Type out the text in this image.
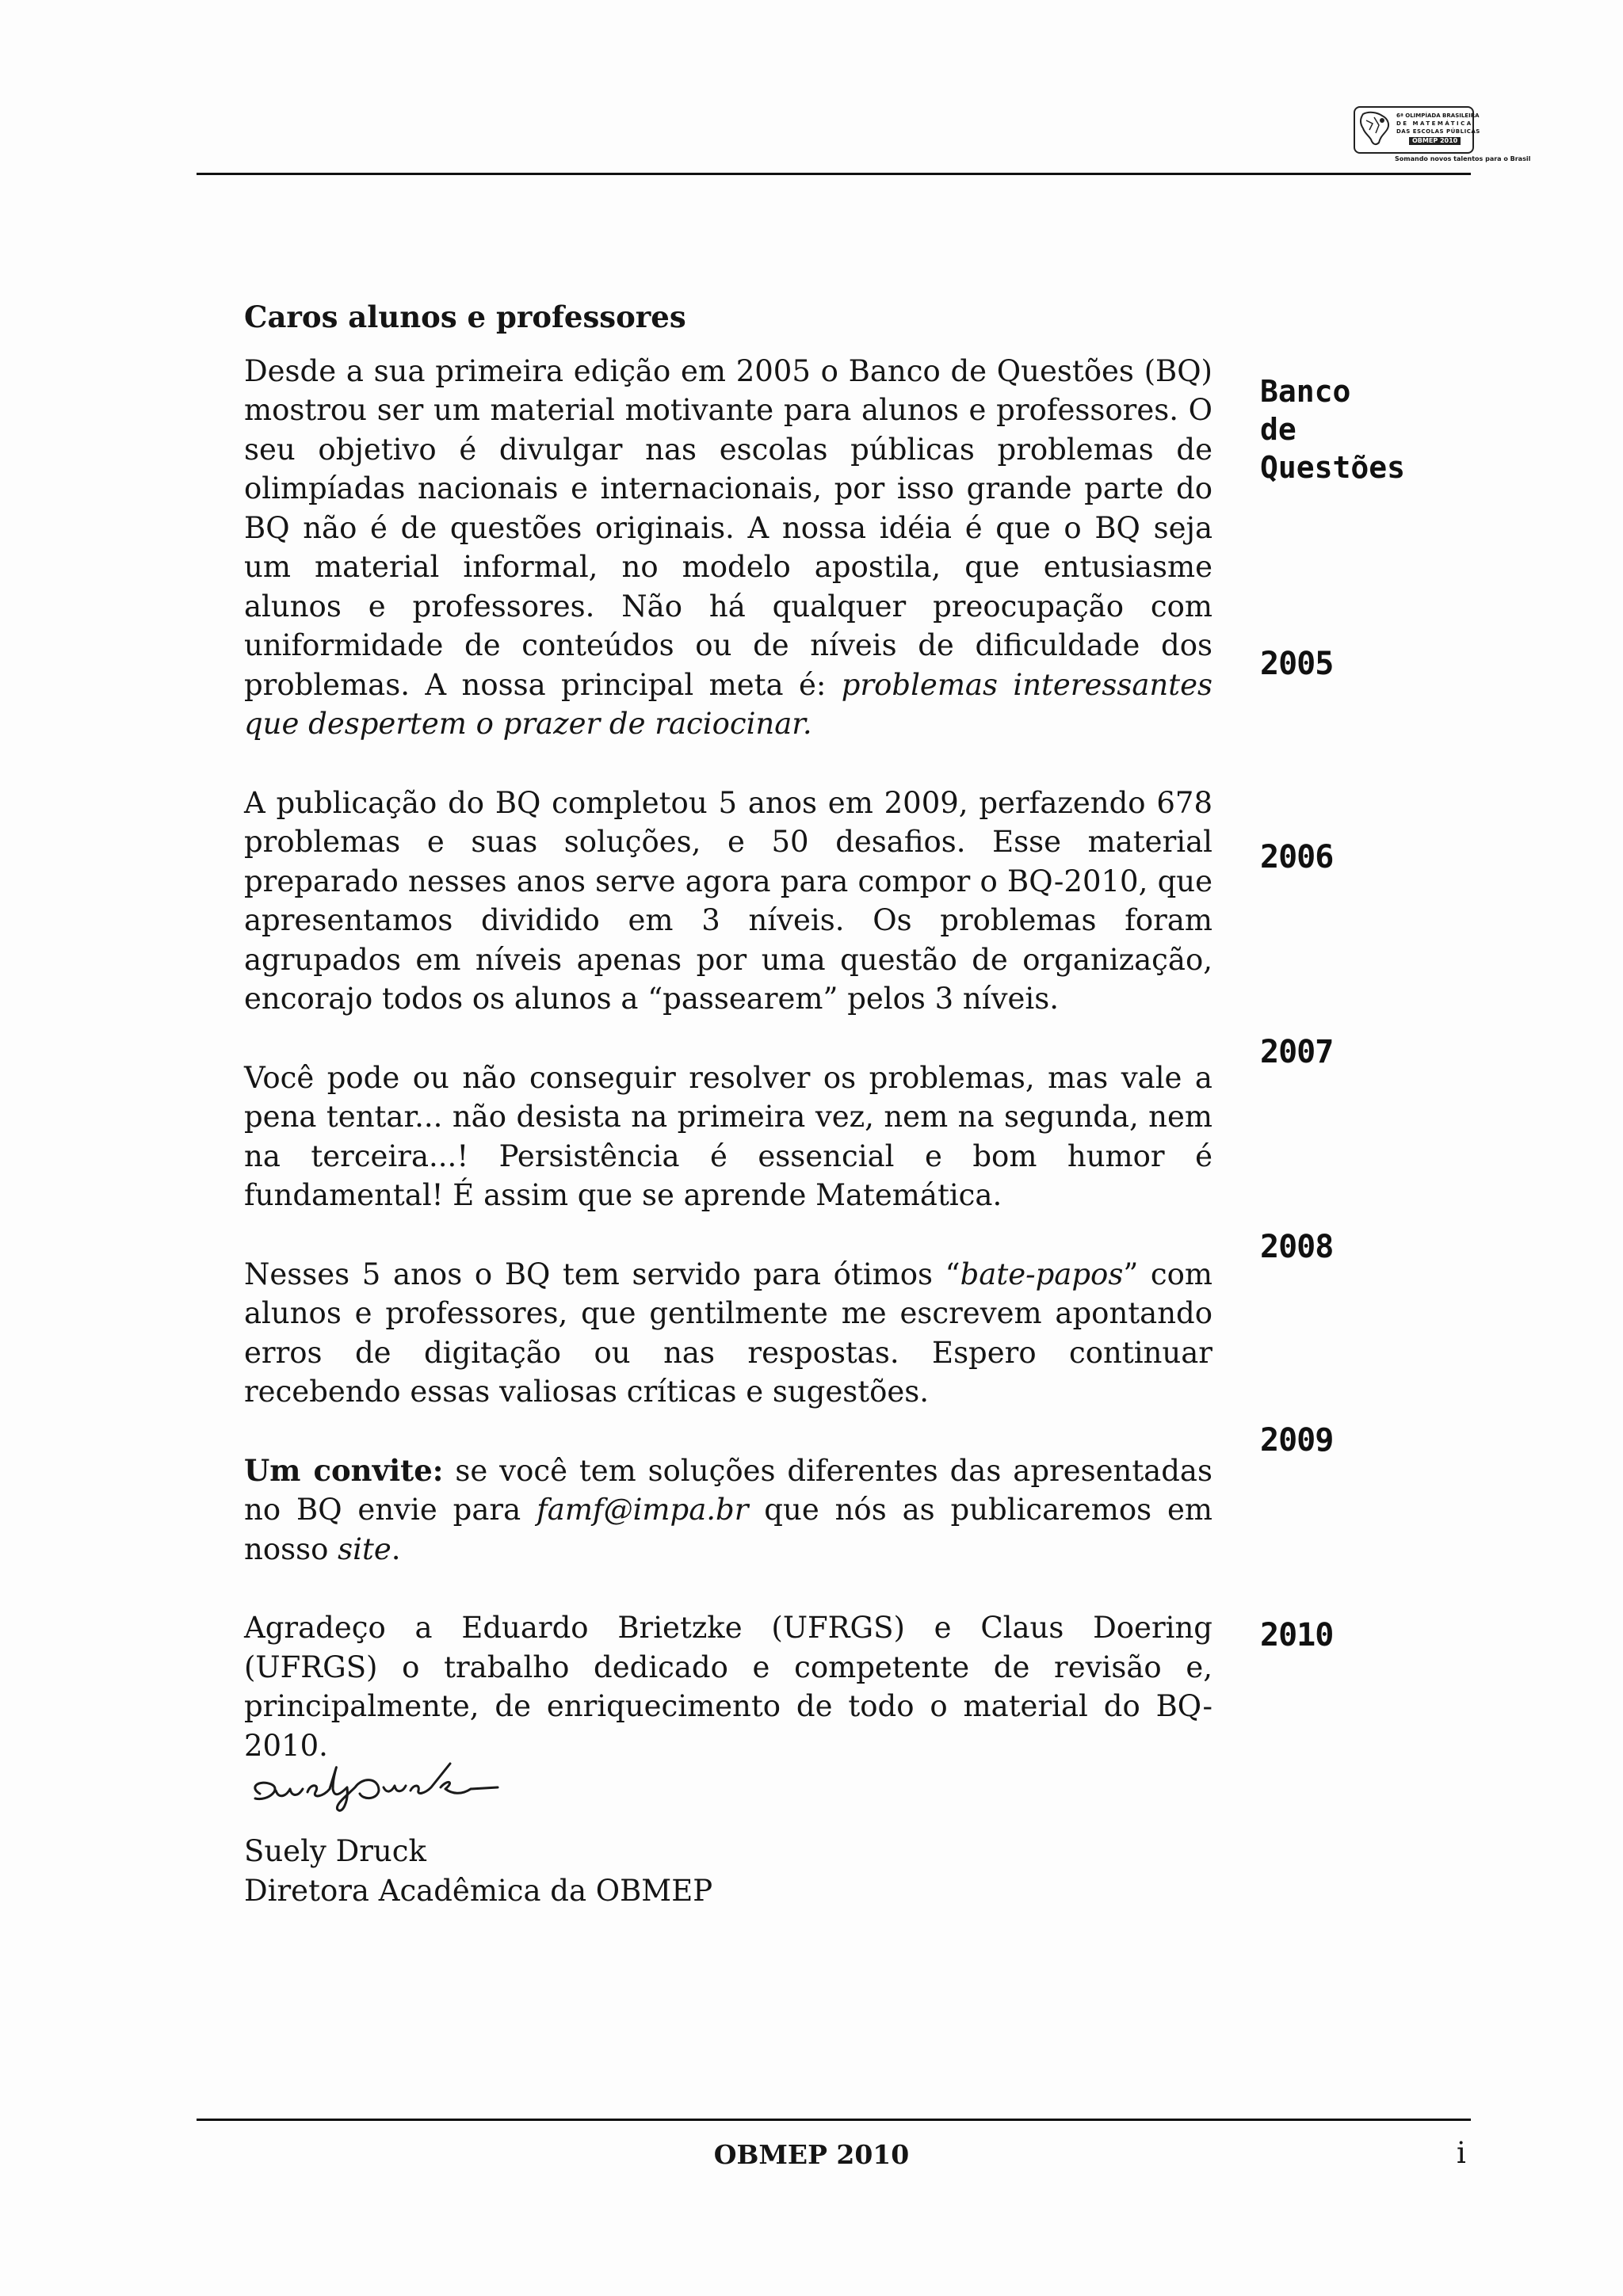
6ª OLIMPÍADA BRASILEIRA
DE MATEMÁTICA
DAS ESCOLAS PÚBLICAS
OBMEP 2010
Somando novos talentos para o Brasil

Caros alunos e professores

Desde a sua primeira edição em 2005 o Banco de Questões (BQ) mostrou ser um material motivante para alunos e professores. O seu objetivo é divulgar nas escolas públicas problemas de olimpíadas nacionais e internacionais, por isso grande parte do BQ não é de questões originais. A nossa idéia é que o BQ seja um material informal, no modelo apostila, que entusiasme alunos e professores. Não há qualquer preocupação com uniformidade de conteúdos ou de níveis de dificuldade dos problemas. A nossa principal meta é: problemas interessantes que despertem o prazer de raciocinar.

A publicação do BQ completou 5 anos em 2009, perfazendo 678 problemas e suas soluções, e 50 desafios. Esse material preparado nesses anos serve agora para compor o BQ-2010, que apresentamos dividido em 3 níveis. Os problemas foram agrupados em níveis apenas por uma questão de organização, encorajo todos os alunos a “passearem” pelos 3 níveis.

Você pode ou não conseguir resolver os problemas, mas vale a pena tentar... não desista na primeira vez, nem na segunda, nem na terceira...! Persistência é essencial e bom humor é fundamental! É assim que se aprende Matemática.

Nesses 5 anos o BQ tem servido para ótimos “bate-papos” com alunos e professores, que gentilmente me escrevem apontando erros de digitação ou nas respostas. Espero continuar recebendo essas valiosas críticas e sugestões.

Um convite: se você tem soluções diferentes das apresentadas no BQ envie para famf@impa.br que nós as publicaremos em nosso site.

Agradeço a Eduardo Brietzke (UFRGS) e Claus Doering (UFRGS) o trabalho dedicado e competente de revisão e, principalmente, de enriquecimento de todo o material do BQ-2010.

Suely Druck
Diretora Acadêmica da OBMEP
Banco
de
Questões
2005
2006
2007
2008
2009
2010
OBMEP 2010	i
